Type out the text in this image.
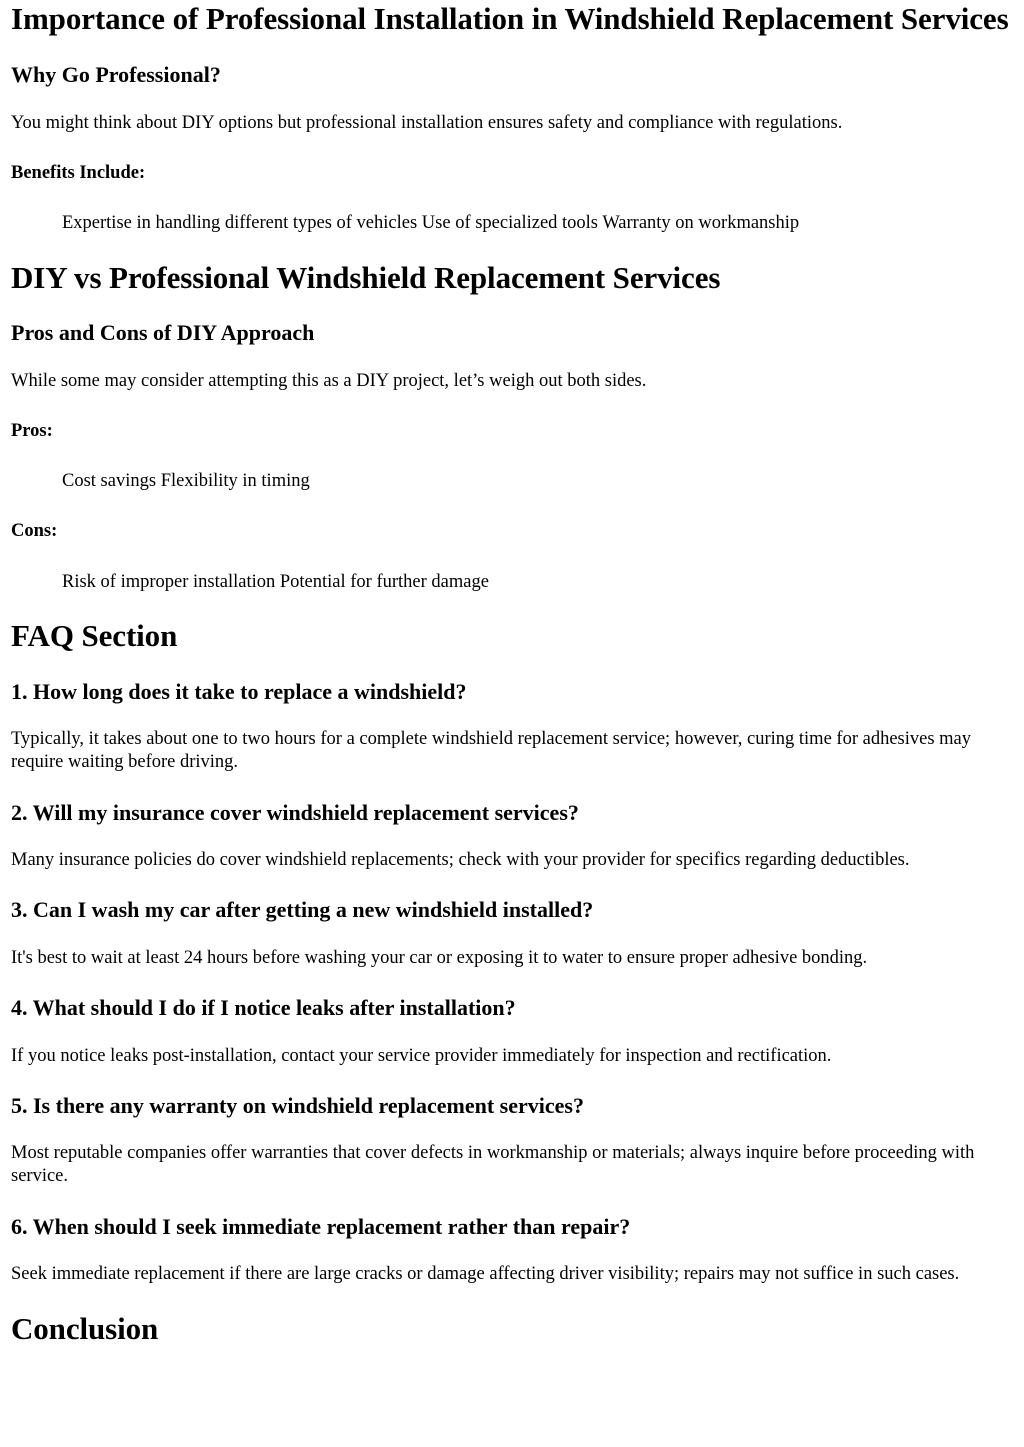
Importance of Professional Installation in Windshield Replacement Services
Why Go Professional?

You might think about DIY options but professional installation ensures safety and compliance with regulations.

Benefits Include:

Expertise in handling different types of vehicles Use of specialized tools Warranty on workmanship
DIY vs Professional Windshield Replacement Services
Pros and Cons of DIY Approach

While some may consider attempting this as a DIY project, let’s weigh out both sides.

Pros:

Cost savings Flexibility in timing

Cons:

Risk of improper installation Potential for further damage
FAQ Section
1. How long does it take to replace a windshield?

Typically, it takes about one to two hours for a complete windshield replacement service; however, curing time for adhesives may require waiting before driving.

2. Will my insurance cover windshield replacement services?

Many insurance policies do cover windshield replacements; check with your provider for specifics regarding deductibles.

3. Can I wash my car after getting a new windshield installed?

It's best to wait at least 24 hours before washing your car or exposing it to water to ensure proper adhesive bonding.

4. What should I do if I notice leaks after installation?

If you notice leaks post-installation, contact your service provider immediately for inspection and rectification.

5. Is there any warranty on windshield replacement services?

Most reputable companies offer warranties that cover defects in workmanship or materials; always inquire before proceeding with service.

6. When should I seek immediate replacement rather than repair?

Seek immediate replacement if there are large cracks or damage affecting driver visibility; repairs may not suffice in such cases.

Conclusion
